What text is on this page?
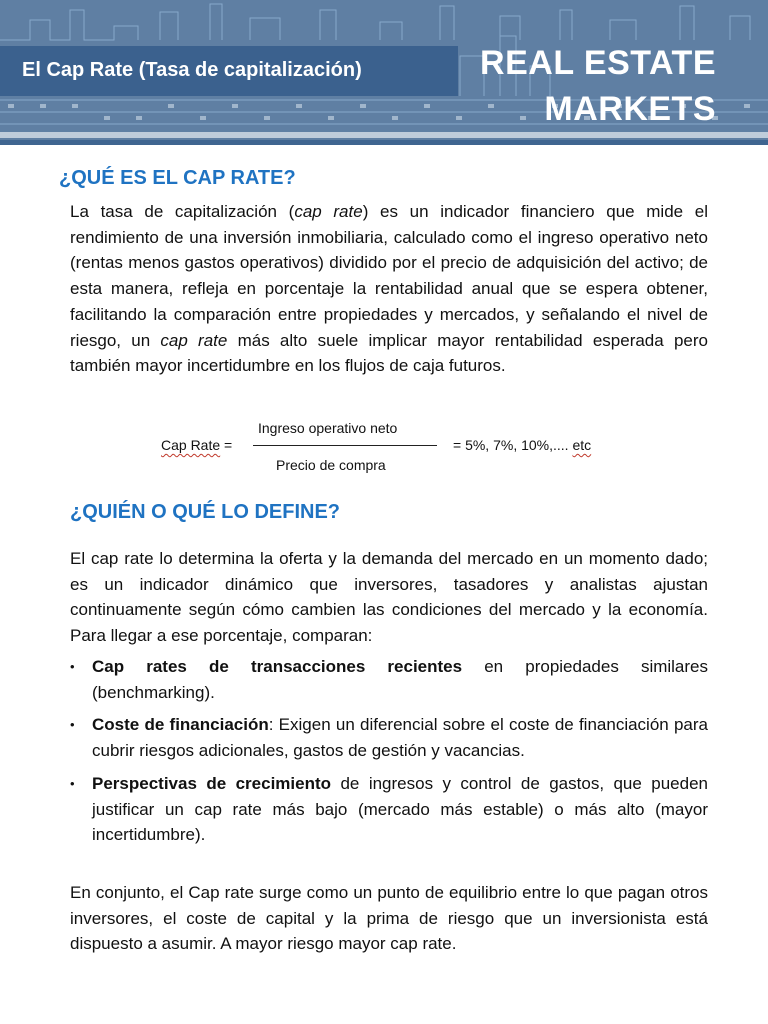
El Cap Rate (Tasa de capitalización)	REAL ESTATE
MARKETS
¿QUÉ ES EL CAP RATE?

La tasa de capitalización (cap rate) es un indicador financiero que mide el rendimiento de una inversión inmobiliaria, calculado como el ingreso operativo neto (rentas menos gastos operativos) dividido por el precio de adquisición del activo; de esta manera, refleja en porcentaje la rentabilidad anual que se espera obtener, facilitando la comparación entre propiedades y mercados, y señalando el nivel de riesgo, un cap rate más alto suele implicar mayor rentabilidad esperada pero también mayor incertidumbre en los flujos de caja futuros.

Cap Rate =
Ingreso operativo neto
Precio de compra
= 5%, 7%, 10%,.... etc
¿QUIÉN O QUÉ LO DEFINE?

El cap rate lo determina la oferta y la demanda del mercado en un momento dado; es un indicador dinámico que inversores, tasadores y analistas ajustan continuamente según cómo cambien las condiciones del mercado y la economía. Para llegar a ese porcentaje, comparan:

• Cap rates de transacciones recientes en propiedades similares (benchmarking).
• Coste de financiación: Exigen un diferencial sobre el coste de financiación para cubrir riesgos adicionales, gastos de gestión y vacancias.
• Perspectivas de crecimiento de ingresos y control de gastos, que pueden justificar un cap rate más bajo (mercado más estable) o más alto (mayor incertidumbre).

En conjunto, el Cap rate surge como un punto de equilibrio entre lo que pagan otros inversores, el coste de capital y la prima de riesgo que un inversionista está dispuesto a asumir. A mayor riesgo mayor cap rate.
